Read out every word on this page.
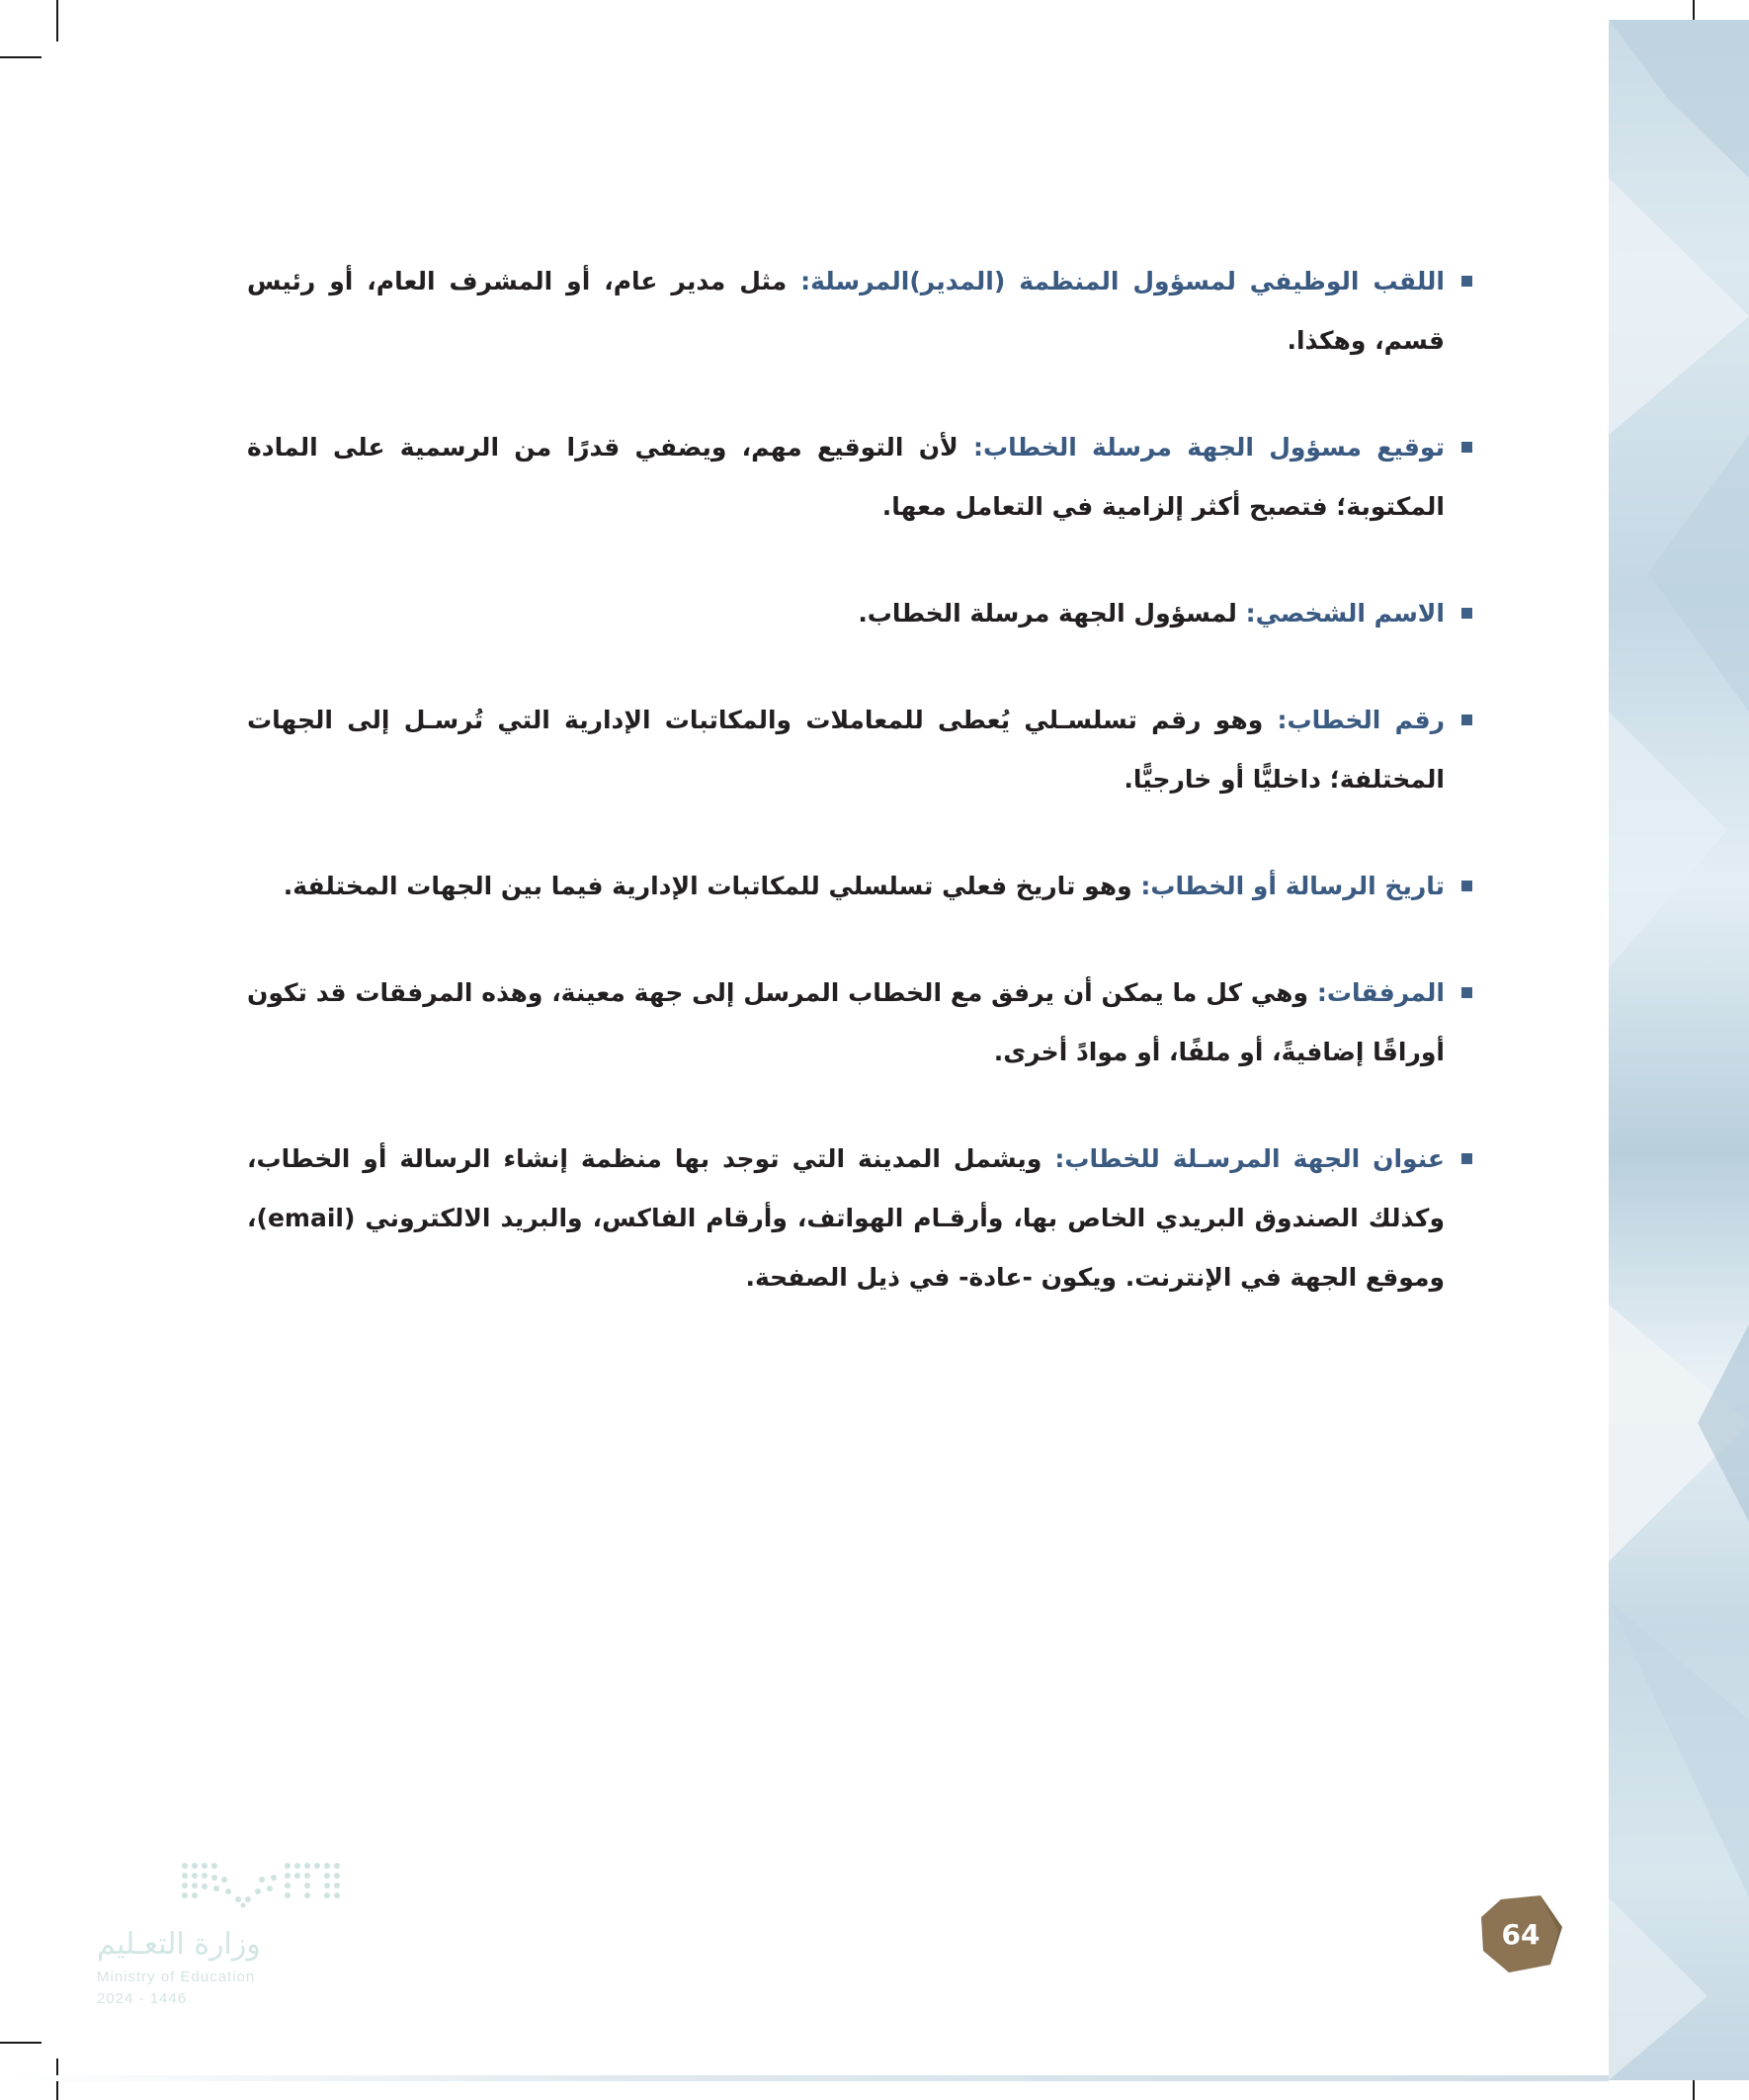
اللقب الوظيفي لمسؤول المنظمة (المدير)المرسلة: مثل مدير عام، أو المشرف العام، أو رئيس قسم، وهكذا.
توقيع مسؤول الجهة مرسلة الخطاب: لأن التوقيع مهم، ويضفي قدرًا من الرسمية على المادة المكتوبة؛ فتصبح أكثر إلزامية في التعامل معها.
الاسم الشخصي: لمسؤول الجهة مرسلة الخطاب.
رقم الخطاب: وهو رقم تسلسـلي يُعطى للمعاملات والمكاتبات الإدارية التي تُرسـل إلى الجهات المختلفة؛ داخليًّا أو خارجيًّا.
تاريخ الرسالة أو الخطاب: وهو تاريخ فعلي تسلسلي للمكاتبات الإدارية فيما بين الجهات المختلفة.
المرفقات: وهي كل ما يمكن أن يرفق مع الخطاب المرسل إلى جهة معينة، وهذه المرفقات قد تكون أوراقًا إضافيةً، أو ملفًا، أو موادً أخرى.
عنوان الجهة المرسـلة للخطاب: ويشمل المدينة التي توجد بها منظمة إنشاء الرسالة أو الخطاب، وكذلك الصندوق البريدي الخاص بها، وأرقـام الهواتف، وأرقام الفاكس، والبريد الالكتروني (email)، وموقع الجهة في الإنترنت. ويكون -عادة- في ذيل الصفحة.
64
وزارة التعـليم
Ministry of Education
2024 - 1446
